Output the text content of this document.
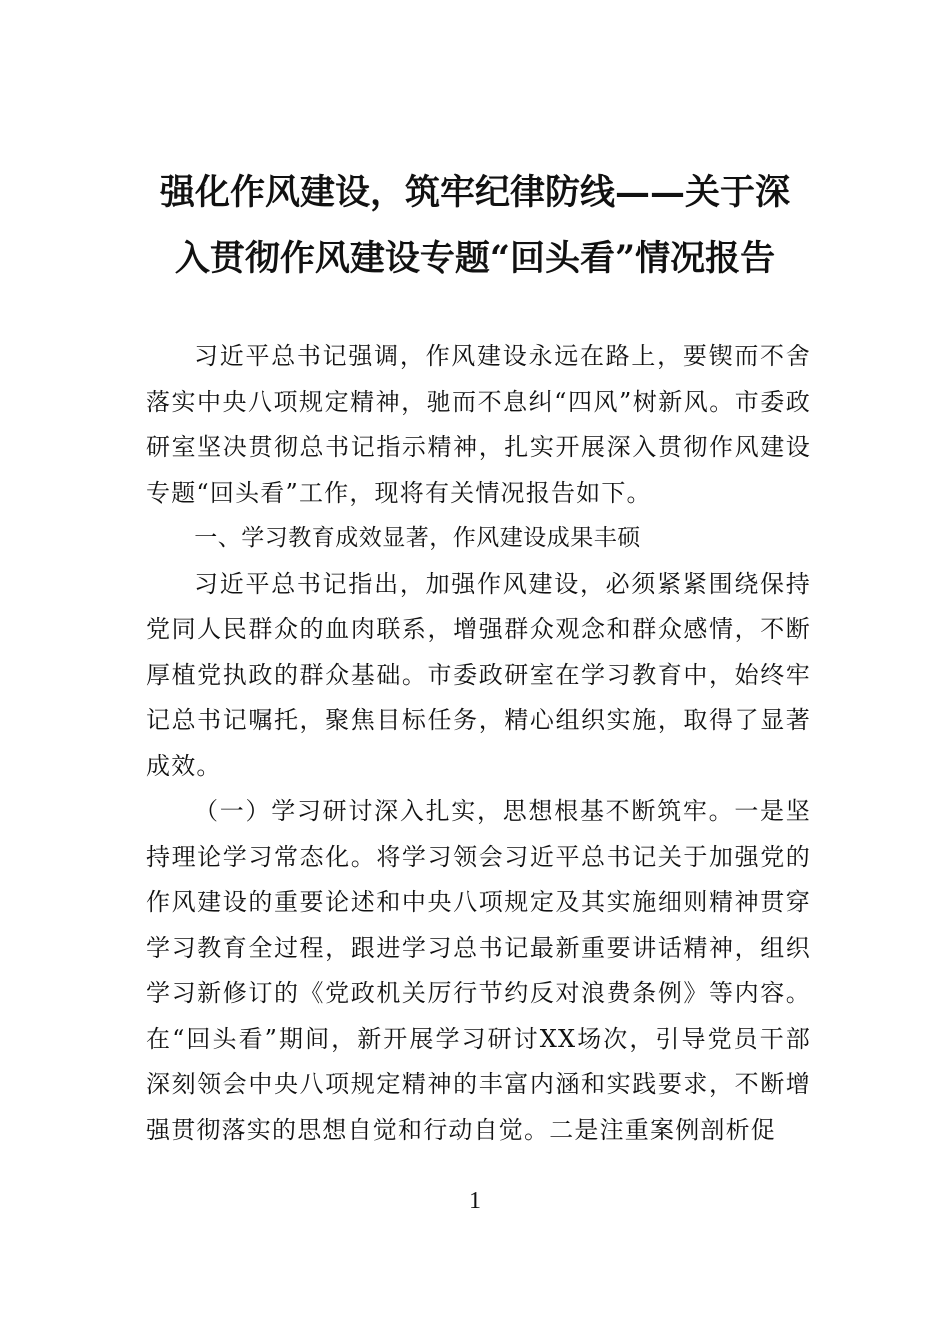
强化作风建设，筑牢纪律防线——关于深
入贯彻作风建设专题“回头看”情况报告

习近平总书记强调，作风建设永远在路上，要锲而不舍落实中央八项规定精神，驰而不息纠“四风”树新风。市委政研室坚决贯彻总书记指示精神，扎实开展深入贯彻作风建设专题“回头看”工作，现将有关情况报告如下。

一、学习教育成效显著，作风建设成果丰硕

习近平总书记指出，加强作风建设，必须紧紧围绕保持党同人民群众的血肉联系，增强群众观念和群众感情，不断厚植党执政的群众基础。市委政研室在学习教育中，始终牢记总书记嘱托，聚焦目标任务，精心组织实施，取得了显著成效。

（一）学习研讨深入扎实，思想根基不断筑牢。一是坚持理论学习常态化。将学习领会习近平总书记关于加强党的作风建设的重要论述和中央八项规定及其实施细则精神贯穿学习教育全过程，跟进学习总书记最新重要讲话精神，组织学习新修订的《党政机关厉行节约反对浪费条例》等内容。在“回头看”期间，新开展学习研讨XX场次，引导党员干部深刻领会中央八项规定精神的丰富内涵和实践要求，不断增强贯彻落实的思想自觉和行动自觉。二是注重案例剖析促

1
